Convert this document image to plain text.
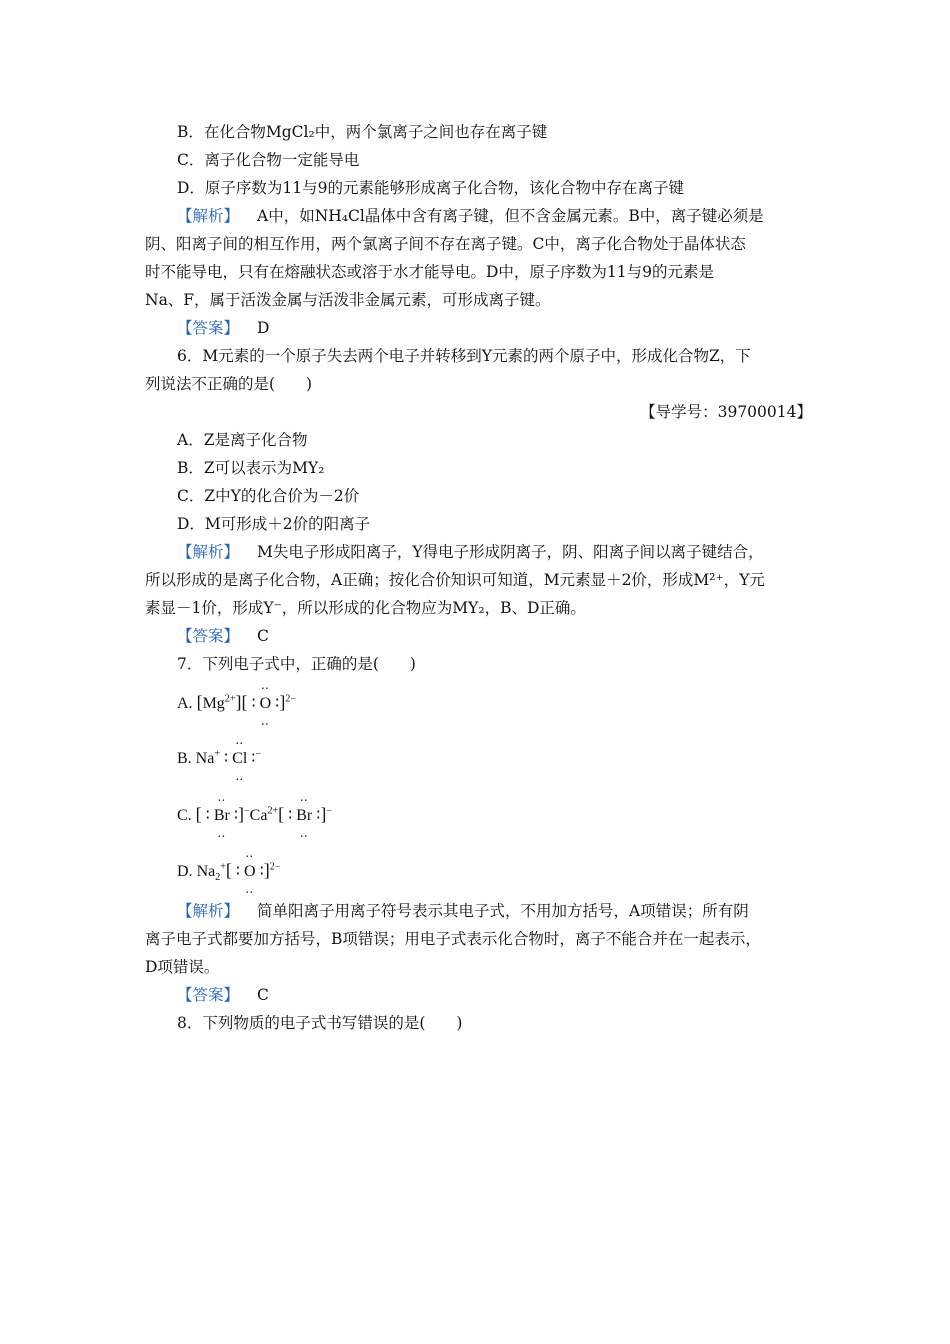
B．在化合物MgCl₂中，两个氯离子之间也存在离子键
C．离子化合物一定能导电
D．原子序数为11与9的元素能够形成离子化合物，该化合物中存在离子键
【解析】 A中，如NH₄Cl晶体中含有离子键，但不含金属元素。B中，离子键必须是
阴、阳离子间的相互作用，两个氯离子间不存在离子键。C中，离子化合物处于晶体状态
时不能导电，只有在熔融状态或溶于水才能导电。D中，原子序数为11与9的元素是
Na、F，属于活泼金属与活泼非金属元素，可形成离子键。
【答案】 D
6．M元素的一个原子失去两个电子并转移到Y元素的两个原子中，形成化合物Z，下
列说法不正确的是(　　)
【导学号：39700014】
A．Z是离子化合物
B．Z可以表示为MY₂
C．Z中Y的化合价为－2价
D．M可形成＋2价的阳离子
【解析】 M失电子形成阳离子，Y得电子形成阴离子，阴、阳离子间以离子键结合，
所以形成的是离子化合物，A正确；按化合价知识可知道，M元素显＋2价，形成M²⁺，Y元
素显－1价，形成Y⁻，所以形成的化合物应为MY₂，B、D正确。
【答案】 C
7．下列电子式中，正确的是(　　)
A. $[Mg^{2+}]$[ ∶
‥
O
‥
∶]$^{2-}$
B. Na+ ∶
‥
Cl
‥
∶−
C. [ ∶
‥
Br
‥
$∶]^-Ca^{2+}$[ ∶
‥
Br
‥
∶]−
D. $Na_2^+$[ ∶
‥
O
‥
∶]$^{2-}$
【解析】 简单阳离子用离子符号表示其电子式，不用加方括号，A项错误；所有阴
离子电子式都要加方括号，B项错误；用电子式表示化合物时，离子不能合并在一起表示，
D项错误。
【答案】 C
8．下列物质的电子式书写错误的是(　　)
